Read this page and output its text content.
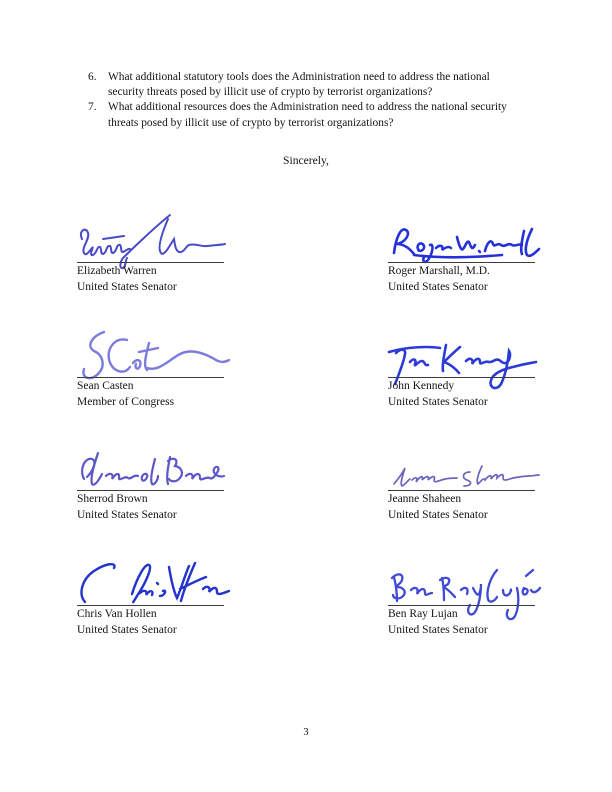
6.	What additional statutory tools does the Administration need to address the national
security threats posed by illicit use of crypto by terrorist organizations?
7.	What additional resources does the Administration need to address the national security
threats posed by illicit use of crypto by terrorist organizations?
Sincerely,
Elizabeth Warren
United States Senator
Roger Marshall, M.D.
United States Senator
Sean Casten
Member of Congress
John Kennedy
United States Senator
Sherrod Brown
United States Senator
Jeanne Shaheen
United States Senator
Chris Van Hollen
United States Senator
Ben Ray Lujan
United States Senator
3
